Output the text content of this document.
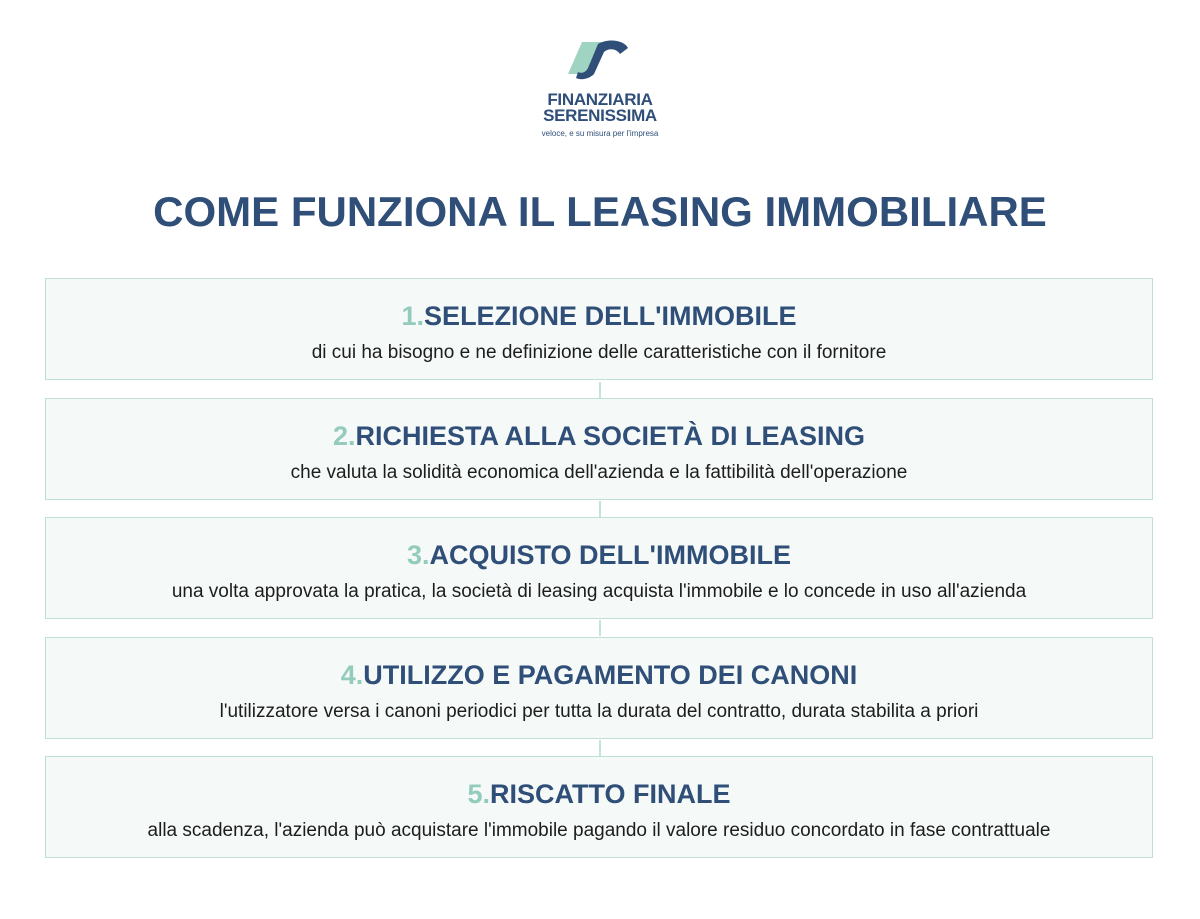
FINANZIARIA
SERENISSIMA
veloce, e su misura per l'impresa
COME FUNZIONA IL LEASING IMMOBILIARE
1.SELEZIONE DELL'IMMOBILE
di cui ha bisogno e ne definizione delle caratteristiche con il fornitore
2.RICHIESTA ALLA SOCIETÀ DI LEASING
che valuta la solidità economica dell'azienda e la fattibilità dell'operazione
3.ACQUISTO DELL'IMMOBILE
una volta approvata la pratica, la società di leasing acquista l'immobile e lo concede in uso all'azienda
4.UTILIZZO E PAGAMENTO DEI CANONI
l'utilizzatore versa i canoni periodici per tutta la durata del contratto, durata stabilita a priori
5.RISCATTO FINALE
alla scadenza, l'azienda può acquistare l'immobile pagando il valore residuo concordato in fase contrattuale
